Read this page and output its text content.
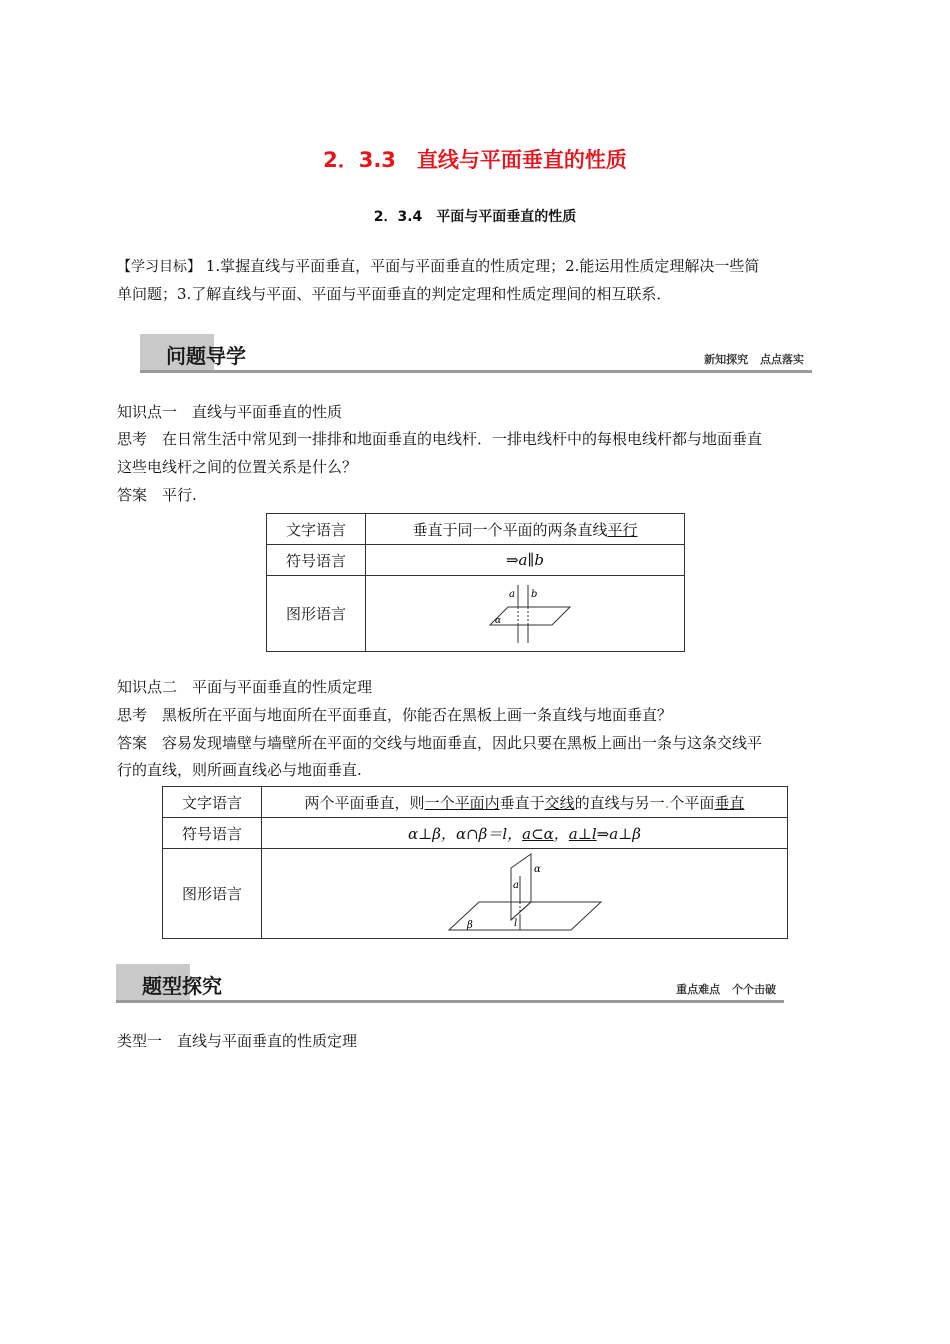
2．3.3　直线与平面垂直的性质
2．3.4　平面与平面垂直的性质
【学习目标】 1.掌握直线与平面垂直，平面与平面垂直的性质定理；2.能运用性质定理解决一些简
单问题；3.了解直线与平面、平面与平面垂直的判定定理和性质定理间的相互联系．
问题导学	新知探究 点点落实
知识点一　直线与平面垂直的性质
思考　在日常生活中常见到一排排和地面垂直的电线杆．一排电线杆中的每根电线杆都与地面垂直
这些电线杆之间的位置关系是什么？
答案　平行.
文字语言	垂直于同一个平面的两条直线平行
符号语言	⇒a∥b
图形语言	a b
α
知识点二　平面与平面垂直的性质定理
思考　黑板所在平面与地面所在平面垂直，你能否在黑板上画一条直线与地面垂直？
答案　容易发现墙壁与墙壁所在平面的交线与地面垂直，因此只要在黑板上画出一条与这条交线平
行的直线，则所画直线必与地面垂直.
文字语言	两个平面垂直，则一个平面内垂直于交线的直线与另一.个平面垂直
符号语言	α⊥β，α∩β＝l，a⊂α，a⊥l⇒a⊥β
图形语言	α
a
l
β
题型探究	重点难点 个个击破
类型一　直线与平面垂直的性质定理
